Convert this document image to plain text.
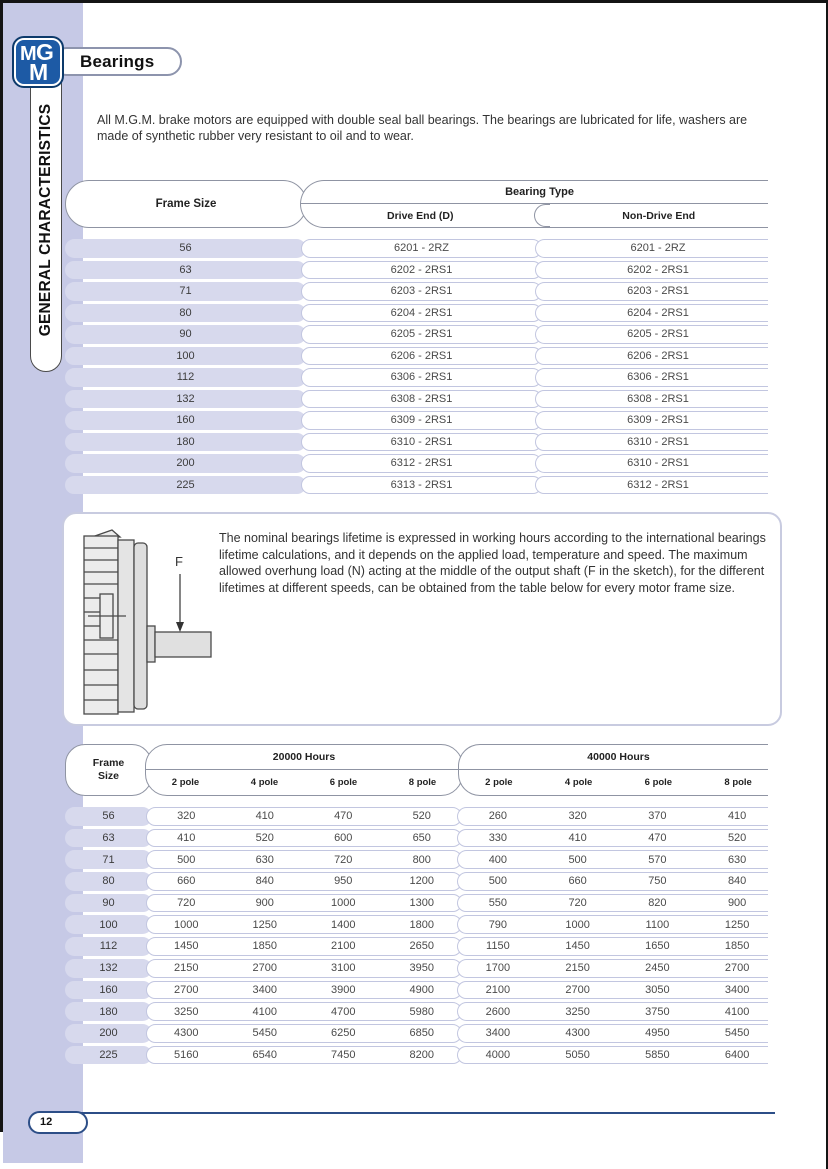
GENERAL CHARACTERISTICS
Bearings
M G
M
All M.G.M. brake motors are equipped with double seal ball bearings. The bearings are lubricated for life, washers are made of synthetic rubber very resistant to oil and to wear.
Frame Size
Bearing Type
Drive End (D)	Non-Drive End
56	6201 - 2RZ	6201 - 2RZ
63	6202 - 2RS1	6202 - 2RS1
71	6203 - 2RS1	6203 - 2RS1
80	6204 - 2RS1	6204 - 2RS1
90	6205 - 2RS1	6205 - 2RS1
100	6206 - 2RS1	6206 - 2RS1
112	6306 - 2RS1	6306 - 2RS1
132	6308 - 2RS1	6308 - 2RS1
160	6309 - 2RS1	6309 - 2RS1
180	6310 - 2RS1	6310 - 2RS1
200	6312 - 2RS1	6310 - 2RS1
225	6313 - 2RS1	6312 - 2RS1
F
The nominal bearings lifetime is expressed in working hours according to the international bearings lifetime calculations, and it depends on the applied load, temperature and speed. The maximum allowed overhung load (N) acting at the middle of the output shaft (F in the sketch), for the different lifetimes at different speeds, can be obtained from the table below for every motor frame size.
Frame
Size
20000 Hours
2 pole	4 pole	6 pole	8 pole
40000 Hours
2 pole	4 pole	6 pole	8 pole
56	320	410	470	520	260	320	370	410
63	410	520	600	650	330	410	470	520
71	500	630	720	800	400	500	570	630
80	660	840	950	1200	500	660	750	840
90	720	900	1000	1300	550	720	820	900
100	1000	1250	1400	1800	790	1000	1100	1250
112	1450	1850	2100	2650	1150	1450	1650	1850
132	2150	2700	3100	3950	1700	2150	2450	2700
160	2700	3400	3900	4900	2100	2700	3050	3400
180	3250	4100	4700	5980	2600	3250	3750	4100
200	4300	5450	6250	6850	3400	4300	4950	5450
225	5160	6540	7450	8200	4000	5050	5850	6400
12
